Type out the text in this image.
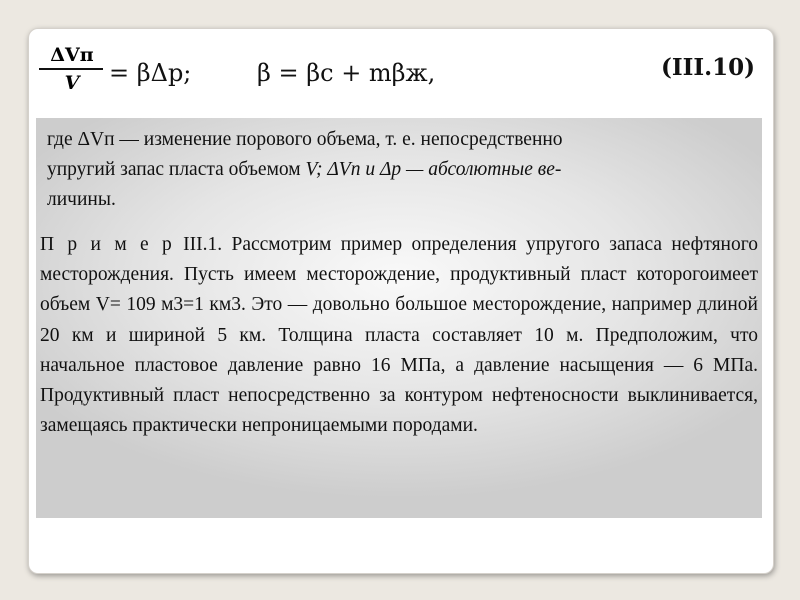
ΔVп
V	= βΔp;	β = βс + mβж,	(III.10)

где ΔVп — изменение порового объема, т. е. непосредственно

упругий запас пласта объемом V; ΔVп и Δp — абсолютные ве-

личины.

П р и м е р III.1. Рассмотрим пример определения упругого запаса нефтяного месторождения. Пусть имеем месторождение, продуктивный пласт которогоимеет объем V= 109 м3=1 км3. Это — довольно большое месторождение, например длиной 20 км и шириной 5 км. Толщина пласта составляет 10 м. Предположим, что начальное пластовое давление равно 16 МПа, а давление насыщения — 6 МПа. Продуктивный пласт непосредственно за контуром нефтеносности выклинивается, замещаясь практически непроницаемыми породами.
